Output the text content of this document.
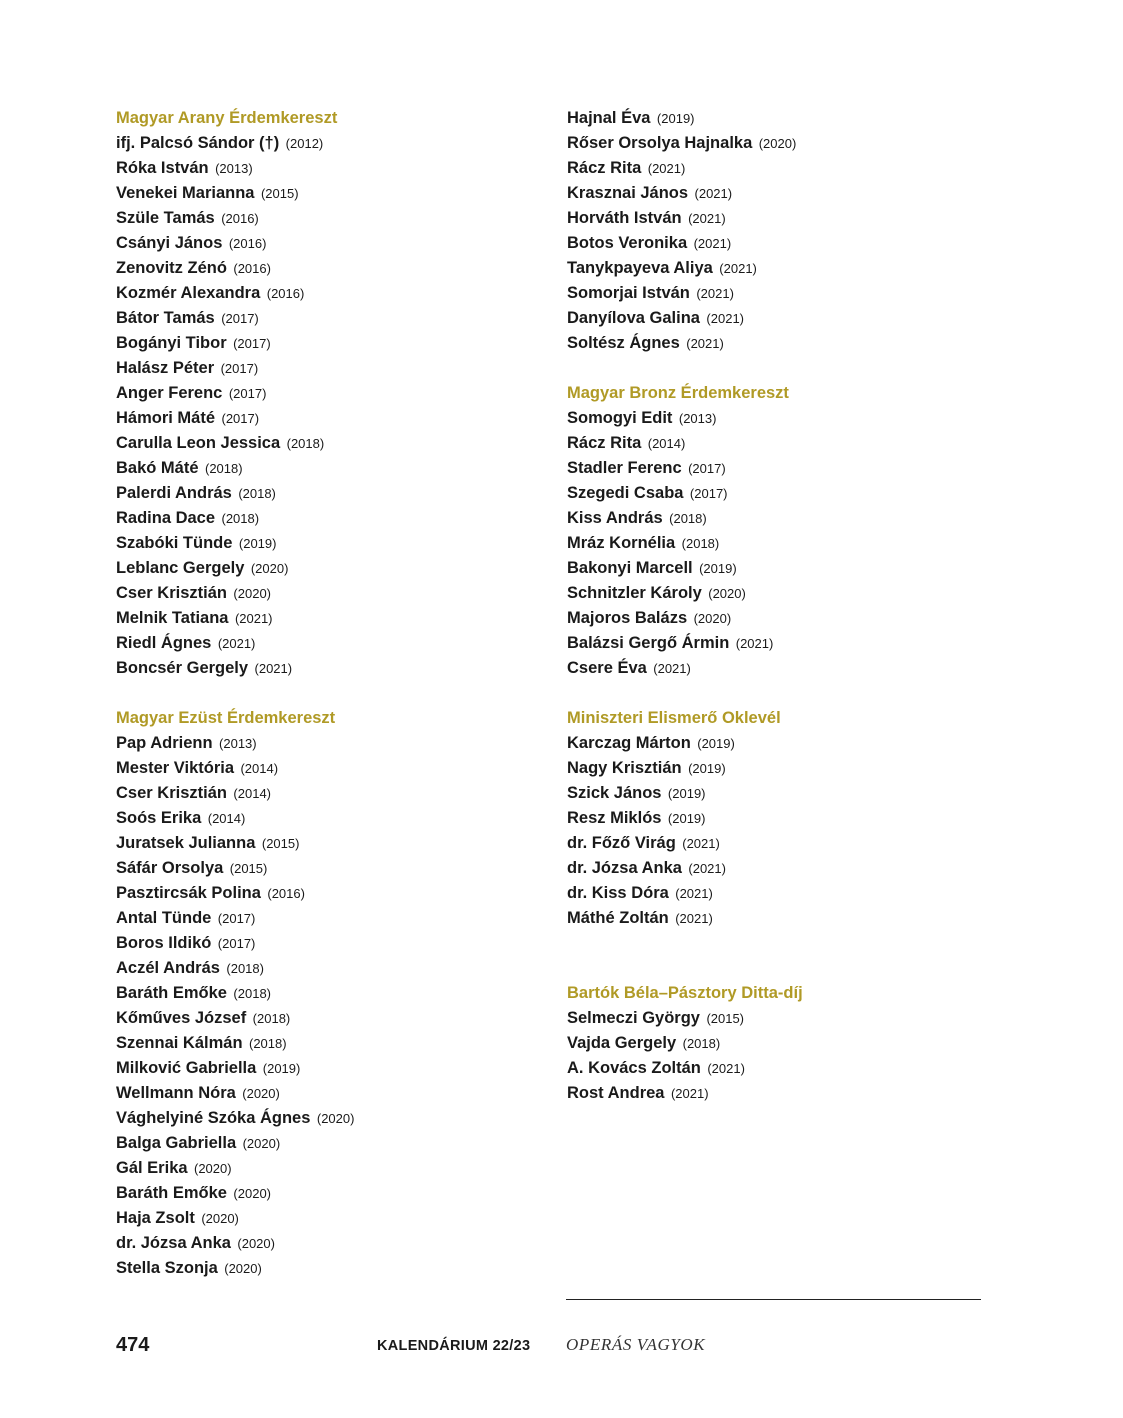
Magyar Arany Érdemkereszt
ifj. Palcsó Sándor (†) (2012)
Róka István (2013)
Venekei Marianna (2015)
Szüle Tamás (2016)
Csányi János (2016)
Zenovitz Zénó (2016)
Kozmér Alexandra (2016)
Bátor Tamás (2017)
Bogányi Tibor (2017)
Halász Péter (2017)
Anger Ferenc (2017)
Hámori Máté (2017)
Carulla Leon Jessica (2018)
Bakó Máté (2018)
Palerdi András (2018)
Radina Dace (2018)
Szabóki Tünde (2019)
Leblanc Gergely (2020)
Cser Krisztián (2020)
Melnik Tatiana (2021)
Riedl Ágnes (2021)
Boncsér Gergely (2021)
Magyar Ezüst Érdemkereszt
Pap Adrienn (2013)
Mester Viktória (2014)
Cser Krisztián (2014)
Soós Erika (2014)
Juratsek Julianna (2015)
Sáfár Orsolya (2015)
Pasztircsák Polina (2016)
Antal Tünde (2017)
Boros Ildikó (2017)
Aczél András (2018)
Baráth Emőke (2018)
Kőműves József (2018)
Szennai Kálmán (2018)
Milković Gabriella (2019)
Wellmann Nóra (2020)
Vághelyiné Szóka Ágnes (2020)
Balga Gabriella (2020)
Gál Erika (2020)
Baráth Emőke (2020)
Haja Zsolt (2020)
dr. Józsa Anka (2020)
Stella Szonja (2020)
Hajnal Éva (2019)
Rőser Orsolya Hajnalka (2020)
Rácz Rita (2021)
Krasznai János (2021)
Horváth István (2021)
Botos Veronika (2021)
Tanykpayeva Aliya (2021)
Somorjai István (2021)
Danyílova Galina (2021)
Soltész Ágnes (2021)
Magyar Bronz Érdemkereszt
Somogyi Edit (2013)
Rácz Rita (2014)
Stadler Ferenc (2017)
Szegedi Csaba (2017)
Kiss András (2018)
Mráz Kornélia (2018)
Bakonyi Marcell (2019)
Schnitzler Károly (2020)
Majoros Balázs (2020)
Balázsi Gergő Ármin (2021)
Csere Éva (2021)
Miniszteri Elismerő Oklevél
Karczag Márton (2019)
Nagy Krisztián (2019)
Szick János (2019)
Resz Miklós (2019)
dr. Főző Virág (2021)
dr. Józsa Anka (2021)
dr. Kiss Dóra (2021)
Máthé Zoltán (2021)
Bartók Béla–Pásztory Ditta-díj
Selmeczi György (2015)
Vajda Gergely (2018)
A. Kovács Zoltán (2021)
Rost Andrea (2021)
474	KALENDÁRIUM 22/23 OPERÁS VAGYOK
